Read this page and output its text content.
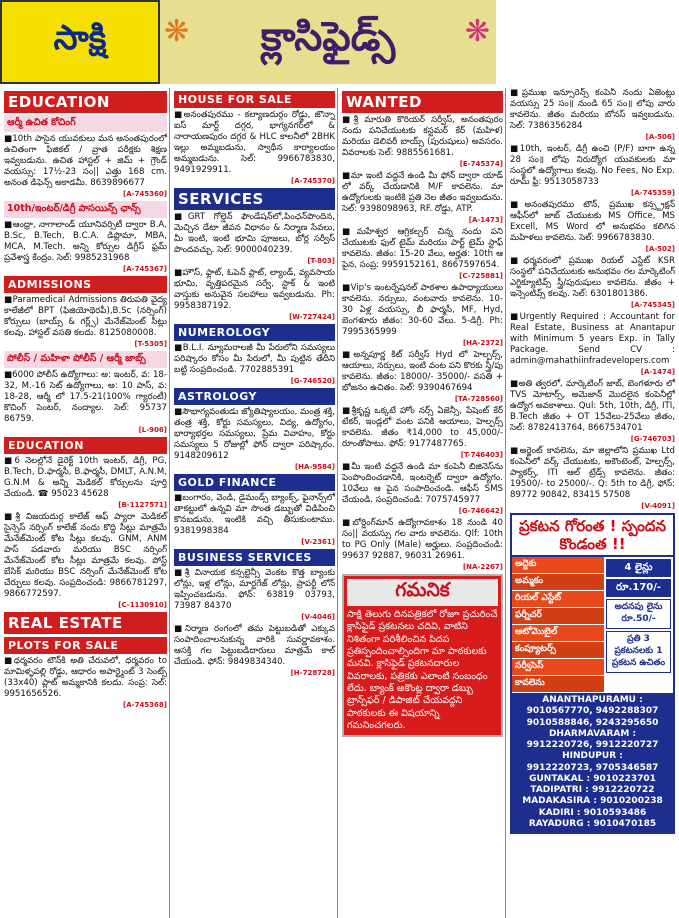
సాక్షి	❋ క్లాసిఫైడ్స్ ❋
EDUCATION
ఆర్మీ ఉచిత కోచింగ్
■10th పాసైన యువకులు మన అనంతపురంలో ఉచితంగా ఫిజికల్ / వ్రాత పరీక్షకు శిక్షణ ఇవ్వబడును. ఉచిత హాస్టల్ + జిమ్ + గ్రౌండ్ వయస్సు: 17½-23 సం|| ఎత్తు 168 cm. అనంత డిఫెన్స్ అకాడమీ. 8639896677
[A-745360]
10th/ఇంటర్/డిగ్రీ పాసయిన్స్ ఛాన్స్
■ఆంధ్రా, నాగాలాండ్ యూనివర్సిటీ ద్వారా B.A, B.Sc, B.Tech, B.C.A. డిప్లొమా, MBA, MCA, M.Tech. అన్ని కోర్సుల డిగ్రీస్ ఫ్రమ్ ప్రవేశాస్త్ర కేంద్రం. సెల్: 9985231968
[A-745367]
ADMISSIONS
■Paramedical Admissions తిరుపతి వైద్య కాలేజీలో BPT (ఫిజియోథెరపీ),B.Sc (నర్సింగ్) కోర్సులు (బాయ్స్ & గర్ల్స్) మేనేజ్‌మెంట్ సీట్లు కలవు. హాస్టల్ వసతి కలదు. 8125080008.
[T-5305]
పోలీస్ / మహిళా పోలీస్ / ఆర్మీ జాబ్స్
■6000 పోలీస్ ఉద్యోగాలు: అ: ఇంటర్, వ: 18-32, M.-16 సెట్ ఉద్యోగాలు, అ: 10 పాస్, వ: 18-28, ఆర్మీ లో 17.5-21(100% గ్యారంటీ) కొచింగ్ సెంటర్, నంద్యాల. సెల్: 95737 86759.
[L-906]
EDUCATION
■6 నెలల్లోనే డైరెక్ట్ 10th ఇంటర్, డిగ్రీ, PG, B.Tech, D.ఫార్మసీ, B.ఫార్మసీ, DMLT, A.N.M, G.N.M & అన్ని మెడికల్ కోర్సులను పూర్తి చేయండి. ☎ 95023 45628
[B-1127571]
■శ్రీ విజయదుర్గ కాలేజ్ ఆఫ్ ప్యారా మెడికల్ సైన్సెస్ నర్సింగ్ కాలేజ్ నందు కొద్ది సీట్లు మాత్రమే మేనేజ్‌మెంట్ కోట సీట్లు కలవు. GNM, ANM పాస్ పడవారు మరియు BSC నర్సింగ్ మేనేజ్‌మెంట్ కోట సీట్లు మాత్రమే కలవు. పోస్ట్ బేసిక్ మరియు BSC నర్సింగ్ మేనేజ్‌మెంట్ కోట చేర్పులు కలవు. సంప్రదించండి: 9866781297, 9866772597.
[C-1130910]
REAL ESTATE
PLOTS FOR SALE
■ధర్మవరం టౌన్‌కి అతి చేరువలో, ధర్మవరం to మామిళ్ళపల్లి రోడ్డు, ఆధారం అపార్ట్మెంట్ 3 సెంట్స్ (33x40) ప్లాట్ అమ్మకానికి కలదు. సంప్ర: సెల్: 9951656526.
[A-745368]
HOUSE FOR SALE
■అనంతపురము - కల్యాణదుర్గం రోడ్డు, జొన్నా ఐస్ మార్ట్ దగ్గర, భాగ్యనగర్‌లో & నారాయణపురం దగ్గర & HLC కాలనీలో 2BHK ఇల్లు అమ్మబడును, స్వాధీన కార్యాలయం అమ్మబడును. సెల్: 9966783830, 9491929911.
[A-745370]
SERVICES
■GRT గోల్డెన్ ఫౌండేషన్‌లో,పింఛన్‌పొందిన, మెచ్చిన డేటా జీవన విధానం & నిర్మాణ సేవలు, మీ ఇంటి, ఇంటి భూమి పూజలు, బోర్ల సర్వీస్ పొందవచ్చు. సెల్: 9000040239.
[T-803]
■హౌస్, ఫ్లాట్, ఓపెన్ ప్లాట్, ల్యాండ్, వ్యవసాయ భూమి, వృత్తిపరమైన సర్వే, స్టాక్ & ఇంటి వాస్తుకు అనువైన సలహాలు ఇవ్వబడును. Ph: 9958387192.
[W-727424]
NUMEROLOGY
■B.L.I. న్యూమరాలజీ మీ పేరులోని సమస్యలు పరిష్కారం కోసం మీ పేరులో, మీ పుట్టిన తేదీని బట్టి సంప్రదించండి. 7702885391
[G-746520]
ASTROLOGY
■సౌభాగ్యవంతుడు జ్యోతిష్యాలయం, మంత్ర శక్తి, తంత్ర శక్తి, కోర్టు సమస్యలు, విద్య, ఉద్యోగం, భార్యాభర్తల సమస్యలు, ప్రేమ వివాహం, కోర్టు సమస్యలు 5 రోజుల్లో ఫోన్ ద్వారా పరిష్కారం. 9148209612
[HA-9584]
GOLD FINANCE
■బంగారం, వెండి, డైమండ్స్ బ్యాంక్స్, ఫైనాన్స్‌లో తాకట్టులో ఉన్నవి మా సొంత డబ్బుతో విడిపించి కొనబడును. ఇంటికి వచ్చి తీసుకుంటాము. 9381998384
[V-2361]
BUSINESS SERVICES
■శ్రీ వినాయక కన్సల్టెన్సీ వెంకట కొత్త బ్యాంకు లోన్లు, ఇళ్ల లోన్లు, మార్టగేజ్ లోన్లు, ప్రాపర్టీ లోన్ ఇప్పించబడును. ఫోన్: 63819 03793, 73987 84370
[V-4046]
■నిర్మాణ రంగంలో తమ పెట్టుబడితో ఎక్కువ సంపాదించాలనుకున్న వారికి సువర్ణావకాశం. ఆసక్తి గల పెట్టుబడిదారులు మాత్రమే కాల్ చేయండి. ఫోన్: 9849834340.
[H-728728]
WANTED
■శ్రీ మారుతి కొరియర్ సర్వీస్, అనంతపురం నందు పనిచేయుటకు కస్టమర్ కేర్ (మహిళ) మరియు డెలివరీ బాయ్స్ (పురుషులు) అవసరం. వివరాలకు సెల్: 9885561681.
[E-745374]
■మా ఇంటి వద్దనే ఉండి మీ ఫోన్ ద్వారా యాడ్ లో వర్క్ చేయడానికి M/F కావలెను. మా ఉద్యోగులకు ఇంటికి ప్రతి నెల జీతం ఇవ్వబడును. సెల్: 9398098963, RF. రోడ్డు, ATP.
[A-1473]
■మహేశ్వర ఆగ్రికల్చర్ చిన్న నందు పని చేయుటకు ఫుల్ టైమ్ మరియు పార్ట్ టైమ్ స్టాఫ్ కావలెను. జీతం: 15-20 వేలు, అర్హత: 10th ఆ పైన, సంప్ర: 9959152161, 8667597654.
[C-725881]
■Vip's ఇంటర్నేషనల్ పాఠశాల ఉపాధ్యాయులు కావలెను. నర్సులు, వంటవారు కావలెను. 10-30 ఏళ్ల వయస్సు, బీ ఫార్మసీ, MF, Hyd, బెంగళూరు జీతం: 30-60 వేలు. 5-డిగ్రీ. Ph: 7995365999
[HA-2372]
■అన్నపూర్ణ కిట్ సర్వీస్ Hyd లో హెల్పర్స్, ఆయాలు, నర్సులు, ఇంటి వంట పని కొరకు స్త్రీ/పు కావలెను. జీతం: 18000/- 35000/- వసతి + భోజనం ఉచితం. సెల్: 9390467694
[TA-728560]
■శ్రీకృష్ణ ఒక్కటే హోం నర్స్ ఏజెన్సీ, పేషెంట్ కేర్ టేకర్, ఇండ్లలో వంట పనికి ఆయాలు, హెల్పర్స్ కావలెను. జీతం ₹14,000 to 45,000/- రూంతోపాటు. ఫోన్: 9177487765.
[T-746403]
■మీ ఇంటి వద్దనే ఉండి మా కంపెనీ బిజినెస్‌ను పెంపొందించడానికి, ఇంటర్నెట్ ద్వారా ఉద్యోగం. 10వేలు ఆ పైన సంపాదించండి. ఆఫీస్ SMS చేయండి. సంప్రదించండి: 7075745977
[G-746642]
■బోర్డింగ్‌మాన్ ఉద్యోగావకాశం 18 నుండి 40 సం|| వయస్సు గల వారు కావలెను. Qlf: 10th to PG Only (Male) అర్హులు. సంప్రదించండి: 99637 92887, 96031 26961.
[NA-2267]
గమనిక

సాక్షి తెలుగు దినపత్రికలో రోజూ ప్రచురించే క్లాసిఫైడ్ ప్రకటనలు చదివి, వాటిని నిశితంగా పరిశీలించిన పిదప ప్రతిస్పందించాల్సిందిగా మా పాఠకులకు మనవి. క్లాసిఫైడ్ ప్రకటనదారుల వివరాలకు, పత్రికకు ఎలాంటి సంబంధం లేదు. బ్యాంక్ అకౌంట్ల ద్వారా డబ్బు ట్రాన్స్‌ఫర్ / డిపాజిట్ చేయవద్దని పాఠకులకు ఈ విషయాన్ని గమనించగలరు.

■ప్రముఖ ఇన్సూరెన్స్ కంపెనీ నందు ఏజెంట్లు వయస్సు 25 సం॥ నుండి 65 సం॥ లోపు వారు కావలెను. జీతం మరియు బోనస్ ఇవ్వబడును. సెల్: 7386356284
[A-506]
■10th, ఇంటర్, డిగ్రీ ఉంచి (P/F) బాగా ఉన్న 28 సం॥ లోపు నిరుద్యోగ యువకులకు మా సంస్థలో ఉద్యోగాలు కలవు. No Fees, No Exp. రూమ్ ఫ్రీ: 9513058733
[A-745359]
■అనంతపురము టౌన్, ప్రముఖ కన్స్ట్రక్షన్ ఆఫీస్‌లో జాబ్ చేయుటకు MS Office, MS Excell, MS Word లో అనుభవం కలిగిన మహిళలు కావలెను. సెల్: 9966783830.
[A-502]
■ధర్మవరంలో ప్రముఖ రియల్ ఎస్టేట్ KSR సంస్థలో పనిచేయుటకు అనుభవం గల మార్కెటింగ్ ఎగ్జిక్యూటివ్స్ స్త్రీ/పురుషులు కావలెను. జీతం + ఇన్సెంటివ్స్ కలవు. సెల్: 6301801386.
[A-745345]
■Urgently Required : Accountant for Real Estate, Business at Anantapur with Minimum 5 years Exp. in Tally Package. Send CV : admin@mahathiinfradevelopers.com
[A-1474]
■అతి త్వరలో, మార్కెటింగ్ జాబ్, బెంగళూరు లో TVS మోటార్స్, అమెజాన్ మొదలైన కంపెనీల్లో ఉద్యోగ అవకాశాలు. Qul: 5th, 10th, డిగ్రీ, ITI, B.Tech జీతం + OT 15వేలు-25వేలు జీతం, సెల్: 8782413764, 8667534701
[G-746703]
■అర్జెంట్ కావలెను, మా జిల్లాలోని ప్రముఖ Ltd కంపెనీలో వర్క్ చేయుటకు, అకౌంటెంట్, హెల్పర్స్, ప్యాకర్స్, ITI ఆల్ ట్రేడ్స్ కావలెను. జీతం: 19500/- to 25000/-. Q: 5th to డిగ్రీ, ఫోన్: 89772 90842, 83415 57508
[V-4091]
ప్రకటన గోరంత ! స్పందన కొండంత !!
అద్దెకు
అమ్మకం
రియల్ ఎస్టేట్
ఫర్నీచర్
ఆటోమొబైల్
కంప్యూటర్స్
సర్వీసెస్
కావలెను
4 లైన్లు
రూ.170/-
అదనపు లైను రూ.50/-
ప్రతి 3 ప్రకటనలకు 1 ప్రకటన ఉచితం
ANANTHAPURAMU :
9010567770, 9492288307
9010588846, 9243295650
DHARMAVARAM :
9912220726, 9912220727
HINDUPUR :
9912220723, 9705346587
GUNTAKAL : 9010223701
TADIPATRI : 9912220722
MADAKASIRA : 9010200238
KADIRI : 9010593486
RAYADURG : 9010470185
